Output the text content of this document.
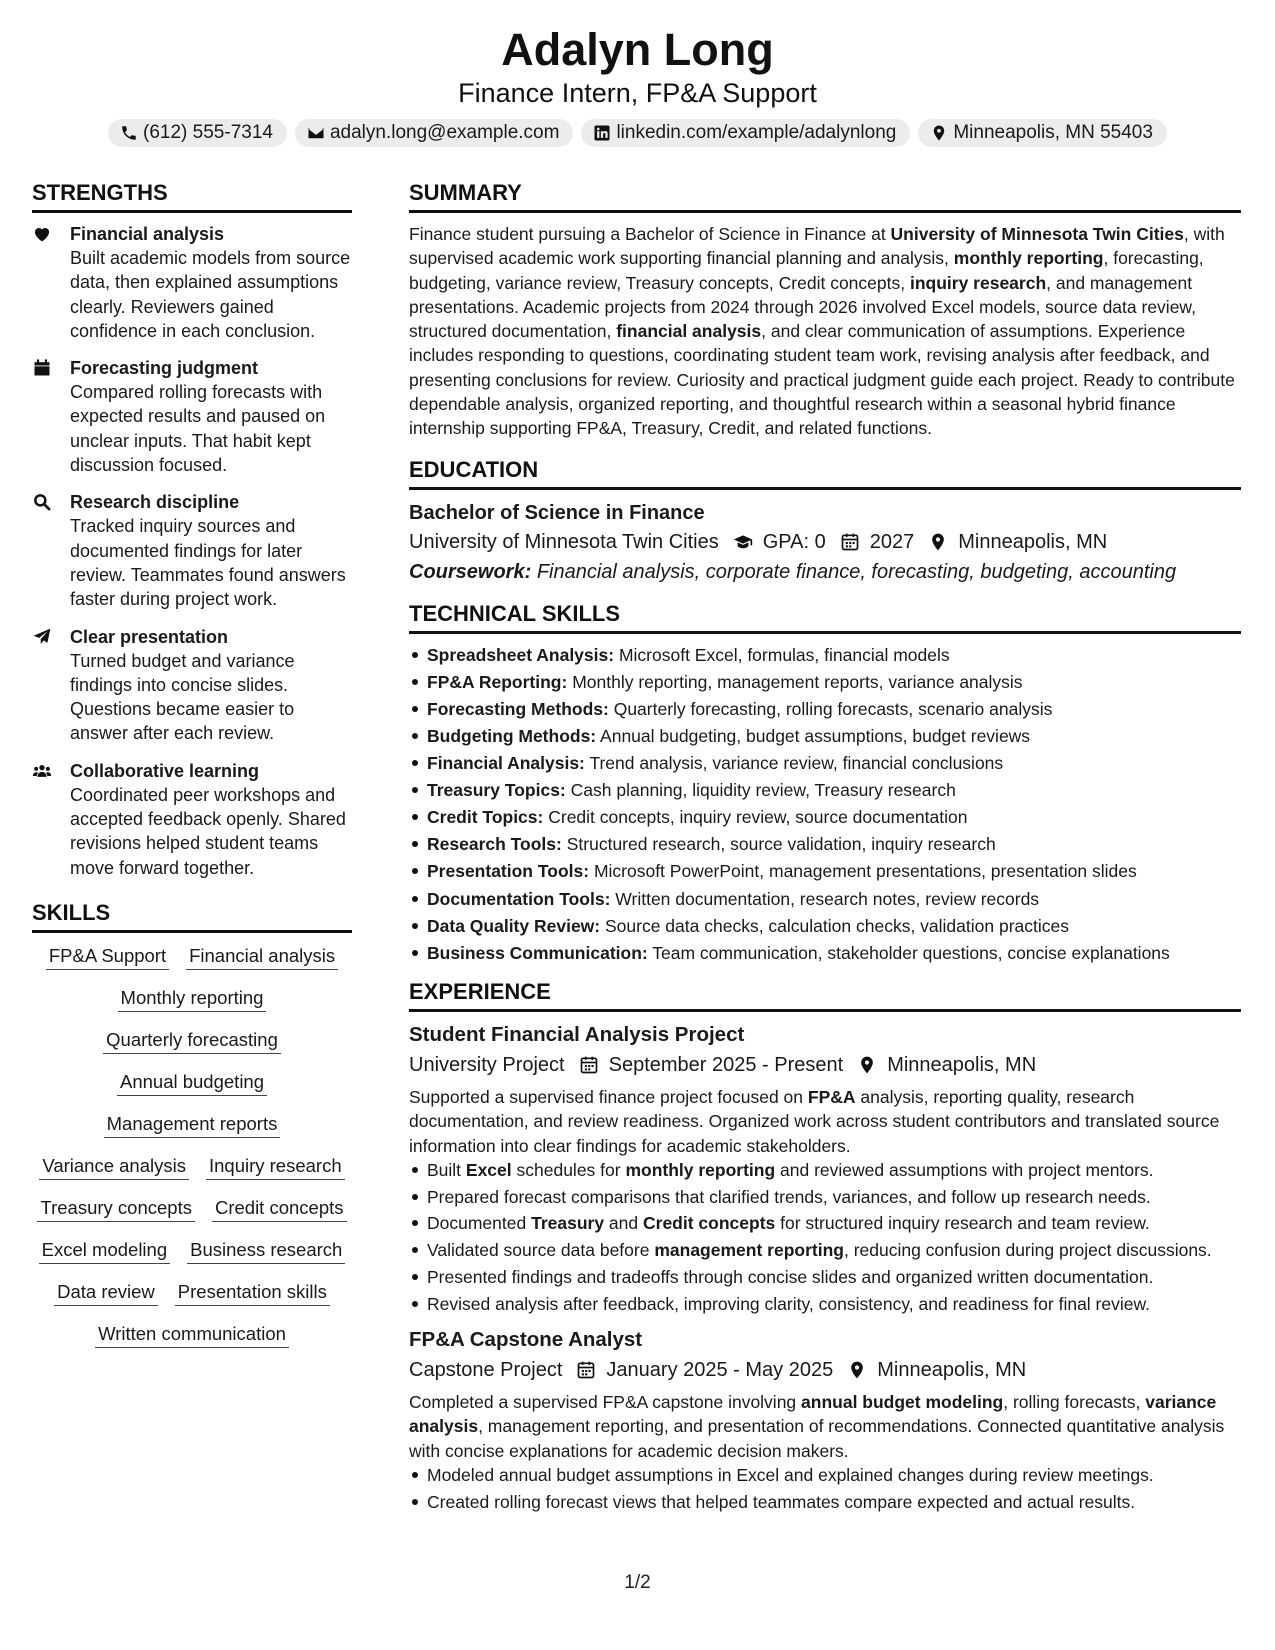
Adalyn Long
Finance Intern, FP&A Support
(612) 555-7314	adalyn.long@example.com	linkedin.com/example/adalynlong	Minneapolis, MN 55403
STRENGTHS
Financial analysis
Built academic models from source data, then explained assumptions clearly. Reviewers gained confidence in each conclusion.
Forecasting judgment
Compared rolling forecasts with expected results and paused on unclear inputs. That habit kept discussion focused.
Research discipline
Tracked inquiry sources and documented findings for later review. Teammates found answers faster during project work.
Clear presentation
Turned budget and variance findings into concise slides. Questions became easier to answer after each review.
Collaborative learning
Coordinated peer workshops and accepted feedback openly. Shared revisions helped student teams move forward together.
SKILLS
FP&A Support Financial analysis
Monthly reporting
Quarterly forecasting
Annual budgeting
Management reports
Variance analysis Inquiry research
Treasury concepts Credit concepts
Excel modeling Business research
Data review Presentation skills
Written communication
SUMMARY
Finance student pursuing a Bachelor of Science in Finance at University of Minnesota Twin Cities, with supervised academic work supporting financial planning and analysis, monthly reporting, forecasting, budgeting, variance review, Treasury concepts, Credit concepts, inquiry research, and management presentations. Academic projects from 2024 through 2026 involved Excel models, source data review, structured documentation, financial analysis, and clear communication of assumptions. Experience includes responding to questions, coordinating student team work, revising analysis after feedback, and presenting conclusions for review. Curiosity and practical judgment guide each project. Ready to contribute dependable analysis, organized reporting, and thoughtful research within a seasonal hybrid finance internship supporting FP&A, Treasury, Credit, and related functions.
EDUCATION
Bachelor of Science in Finance
University of Minnesota Twin Cities GPA: 0 2027 Minneapolis, MN
Coursework: Financial analysis, corporate finance, forecasting, budgeting, accounting
TECHNICAL SKILLS
Spreadsheet Analysis: Microsoft Excel, formulas, financial models
FP&A Reporting: Monthly reporting, management reports, variance analysis
Forecasting Methods: Quarterly forecasting, rolling forecasts, scenario analysis
Budgeting Methods: Annual budgeting, budget assumptions, budget reviews
Financial Analysis: Trend analysis, variance review, financial conclusions
Treasury Topics: Cash planning, liquidity review, Treasury research
Credit Topics: Credit concepts, inquiry review, source documentation
Research Tools: Structured research, source validation, inquiry research
Presentation Tools: Microsoft PowerPoint, management presentations, presentation slides
Documentation Tools: Written documentation, research notes, review records
Data Quality Review: Source data checks, calculation checks, validation practices
Business Communication: Team communication, stakeholder questions, concise explanations
EXPERIENCE
Student Financial Analysis Project
University Project September 2025 - Present Minneapolis, MN
Supported a supervised finance project focused on FP&A analysis, reporting quality, research documentation, and review readiness. Organized work across student contributors and translated source information into clear findings for academic stakeholders.
Built Excel schedules for monthly reporting and reviewed assumptions with project mentors.
Prepared forecast comparisons that clarified trends, variances, and follow up research needs.
Documented Treasury and Credit concepts for structured inquiry research and team review.
Validated source data before management reporting, reducing confusion during project discussions.
Presented findings and tradeoffs through concise slides and organized written documentation.
Revised analysis after feedback, improving clarity, consistency, and readiness for final review.
FP&A Capstone Analyst
Capstone Project January 2025 - May 2025 Minneapolis, MN
Completed a supervised FP&A capstone involving annual budget modeling, rolling forecasts, variance analysis, management reporting, and presentation of recommendations. Connected quantitative analysis with concise explanations for academic decision makers.
Modeled annual budget assumptions in Excel and explained changes during review meetings.
Created rolling forecast views that helped teammates compare expected and actual results.
1/2
